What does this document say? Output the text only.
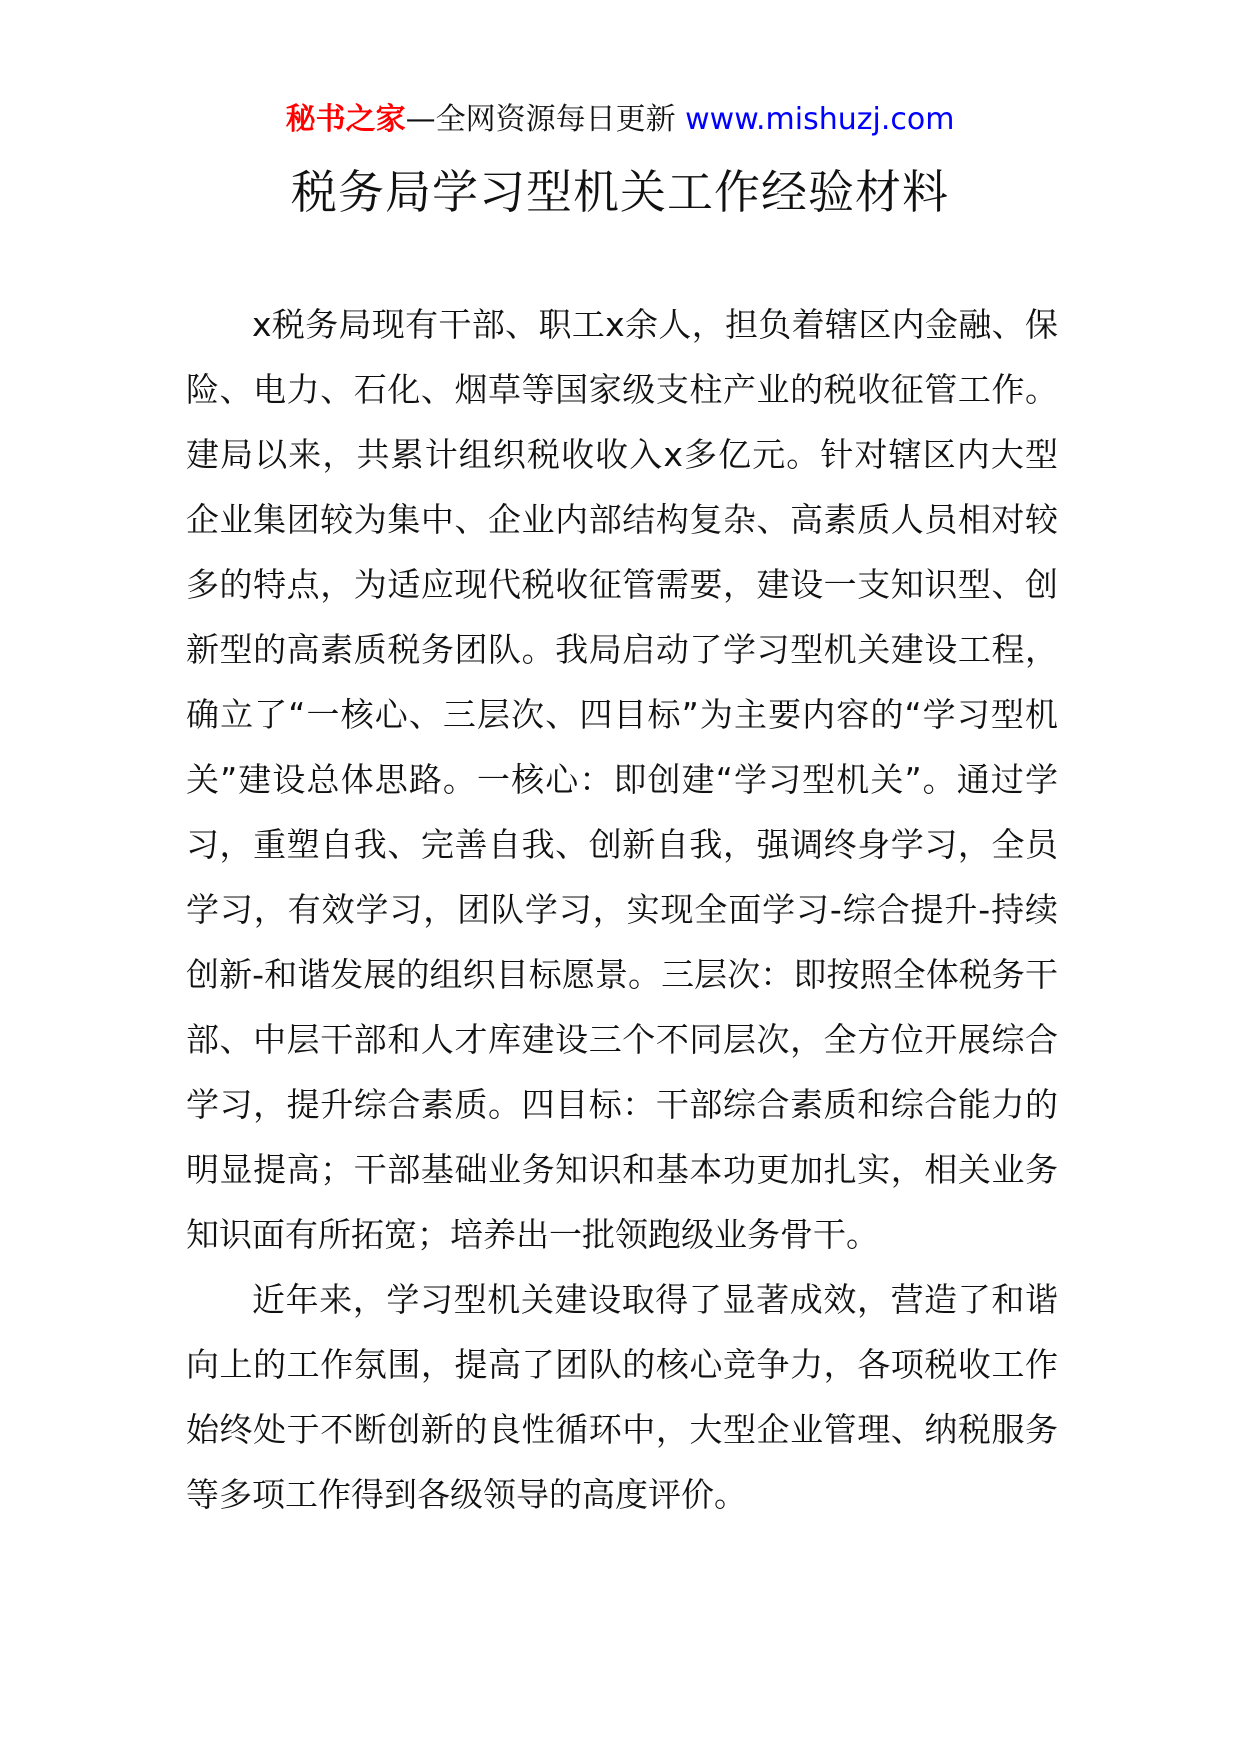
秘书之家—全网资源每日更新 www.mishuzj.com
税务局学习型机关工作经验材料

x税务局现有干部、职工x余人，担负着辖区内金融、保险、电力、石化、烟草等国家级支柱产业的税收征管工作。建局以来，共累计组织税收收入x多亿元。针对辖区内大型企业集团较为集中、企业内部结构复杂、高素质人员相对较多的特点，为适应现代税收征管需要，建设一支知识型、创新型的高素质税务团队。我局启动了学习型机关建设工程，确立了“一核心、三层次、四目标”为主要内容的“学习型机关”建设总体思路。一核心：即创建“学习型机关”。通过学习，重塑自我、完善自我、创新自我，强调终身学习，全员学习，有效学习，团队学习，实现全面学习-综合提升-持续创新-和谐发展的组织目标愿景。三层次：即按照全体税务干部、中层干部和人才库建设三个不同层次，全方位开展综合学习，提升综合素质。四目标：干部综合素质和综合能力的明显提高；干部基础业务知识和基本功更加扎实，相关业务知识面有所拓宽；培养出一批领跑级业务骨干。

近年来，学习型机关建设取得了显著成效，营造了和谐向上的工作氛围，提高了团队的核心竞争力，各项税收工作始终处于不断创新的良性循环中，大型企业管理、纳税服务等多项工作得到各级领导的高度评价。
